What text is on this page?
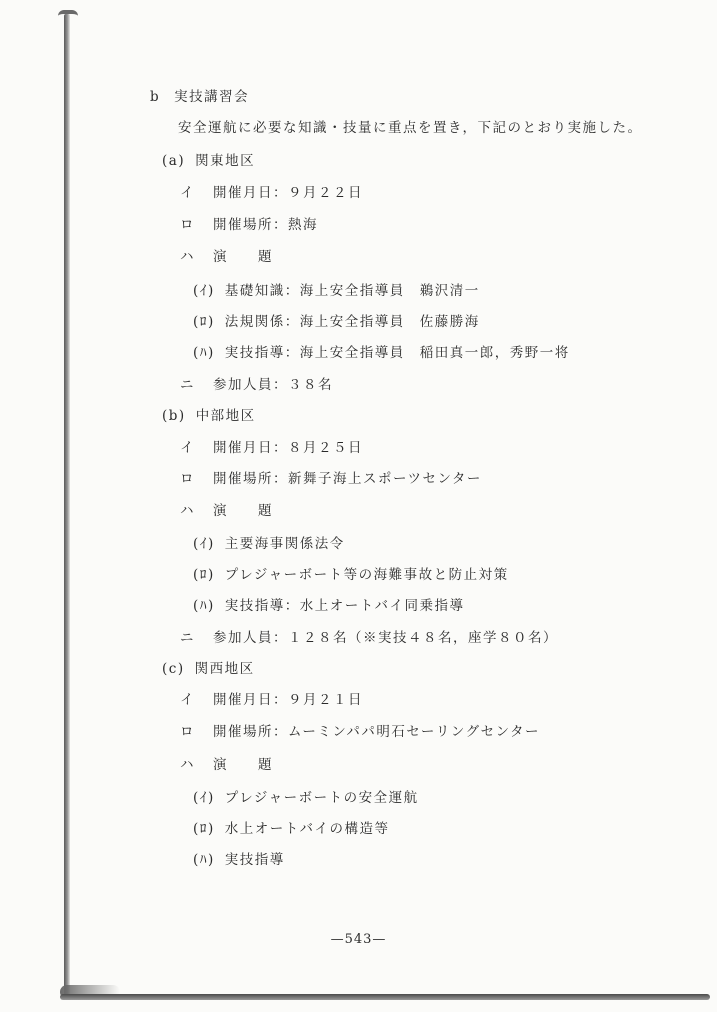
b 実技講習会
安全運航に必要な知識・技量に重点を置き，下記のとおり実施した。
(a) 関東地区
イ 開催月日：９月２２日
ロ 開催場所：熱海
ハ 演　　題
(ｲ) 基礎知識：海上安全指導員　鵜沢清一
(ﾛ) 法規関係：海上安全指導員　佐藤勝海
(ﾊ) 実技指導：海上安全指導員　稲田真一郎，秀野一将
ニ 参加人員：３８名
(b) 中部地区
イ 開催月日：８月２５日
ロ 開催場所：新舞子海上スポーツセンター
ハ 演　　題
(ｲ) 主要海事関係法令
(ﾛ) プレジャーボート等の海難事故と防止対策
(ﾊ) 実技指導：水上オートバイ同乗指導
ニ 参加人員：１２８名（※実技４８名，座学８０名）
(c) 関西地区
イ 開催月日：９月２１日
ロ 開催場所：ムーミンパパ明石セーリングセンター
ハ 演　　題
(ｲ) プレジャーボートの安全運航
(ﾛ) 水上オートバイの構造等
(ﾊ) 実技指導
—543—
